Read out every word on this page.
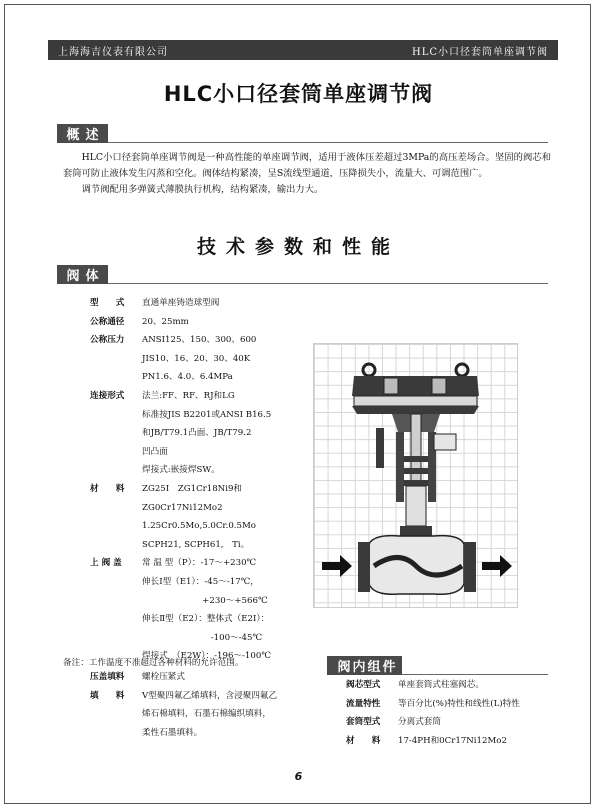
上海海吉仪表有限公司	HLC小口径套筒单座调节阀
HLC小口径套筒单座调节阀
概述

HLC小口径套筒单座调节阀是一种高性能的单座调节阀，适用于液体压差超过3MPa的高压差场合。坚固的阀芯和套筒可防止液体发生闪蒸和空化。阀体结构紧凑，呈S流线型通道，压降损失小，流量大、可调范围广。

调节阀配用多弹簧式薄膜执行机构，结构紧凑，输出力大。

技术参数和性能
阀体
型　　式	直通单座铸造球型阀
公称通径	20、25mm
公称压力	ANSI125、150、300、600
JIS10、16、20、30、40K
PN1.6、4.0、6.4MPa
连接形式	法兰:FF、RF、RJ和LG
标准按JIS B2201或ANSI B16.5
和JB/T79.1凸面、JB/T79.2
凹凸面
焊接式:嵌接焊SW。
材　　料	ZG25I　ZG1Cr18Ni9和
ZG0Cr17Ni12Mo2
1.25Cr0.5Mo,5.0Cr.0.5Mo
SCPH21, SCPH61,　Ti。
上 阀 盖	常 温 型（P）：-17～+230℃
伸长Ⅰ型（E1）：-45～-17℃，
　　　　　　　+230～+566℃
伸长Ⅱ型（E2）：整体式（E2I）：
　　　　　　　　-100～-45℃
焊接式　（E2W）：-196～-100℃
备注：工作温度不准超过各种材料的允许范围。
压盖填料	螺栓压紧式
填　　料	V型聚四氟乙烯填料，含浸聚四氟乙
烯石棉填料，石墨石棉编织填料，
柔性石墨填料。
阀内组件
阀芯型式	单座套筒式柱塞阀芯。
流量特性	等百分比(%)特性和线性(L)特性
套筒型式	分离式套筒
材　　料	17-4PH和0Cr17Ni12Mo2
6
